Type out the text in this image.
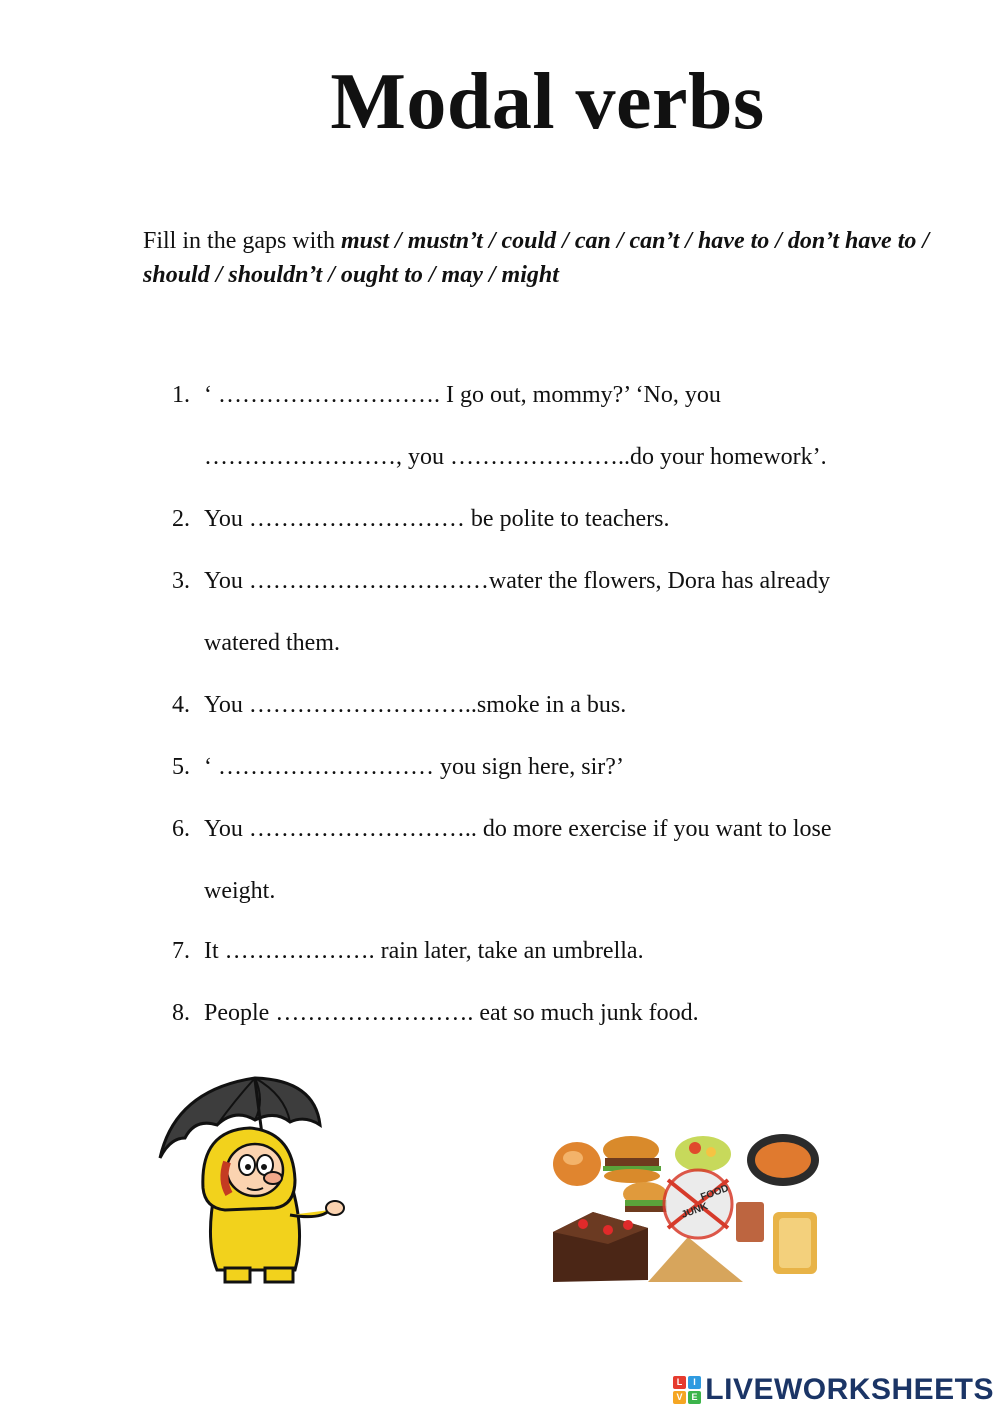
Modal verbs
Fill in the gaps with must / mustn’t / could / can / can’t / have to / don’t have to / should / shouldn’t / ought to / may / might
1. ‘ ………………………. I go out, mommy?’ ‘No, you
……………………, you …………………..do your homework’.
2. You ……………………… be polite to teachers.
3. You …………………………water the flowers, Dora has already
watered them.
4. You ………………………..smoke in a bus.
5. ‘ ……………………… you sign here, sir?’
6. You ……………………….. do more exercise if you want to lose
weight.
7. It ………………. rain later, take an umbrella.
8. People ……………………. eat so much junk food.
JUNK
FOOD
L	I
V E LIVEWORKSHEETS
